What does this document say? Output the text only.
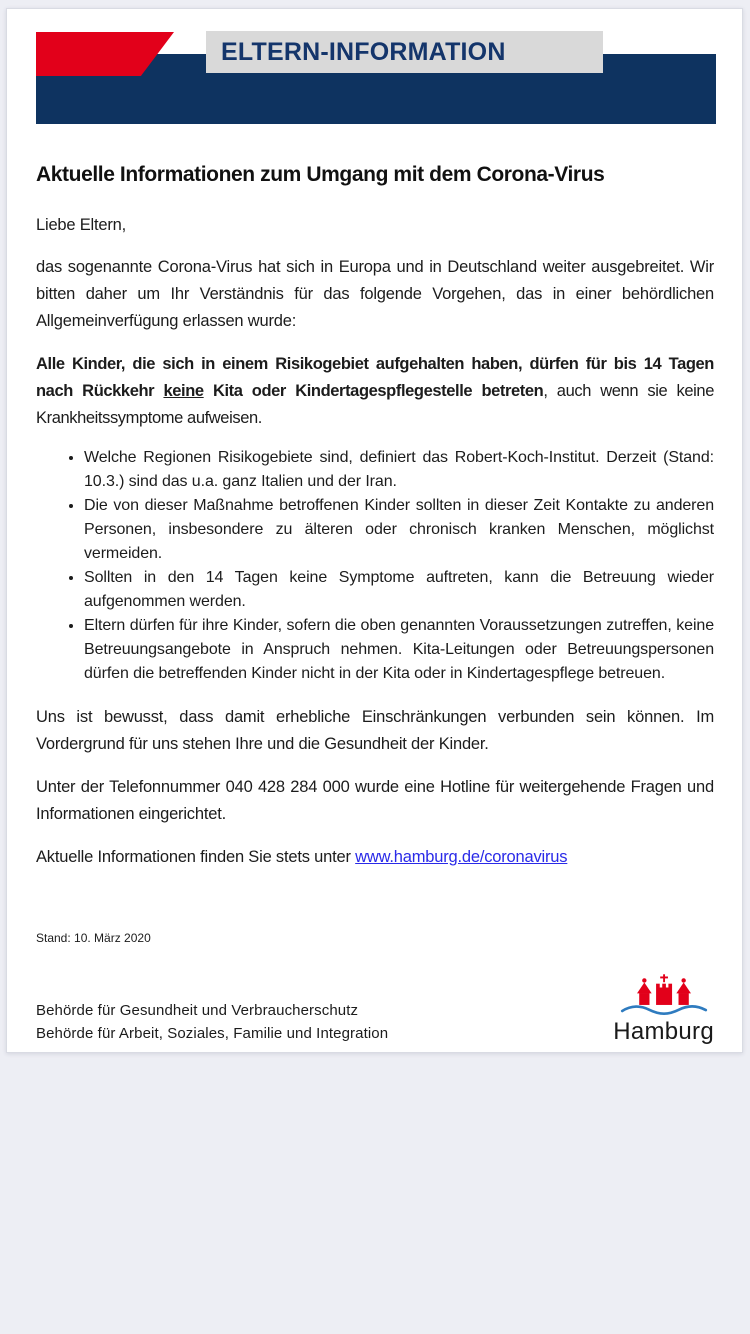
ELTERN-INFORMATION
Aktuelle Informationen zum Umgang mit dem Corona-Virus

Liebe Eltern,

das sogenannte Corona-Virus hat sich in Europa und in Deutschland weiter ausgebreitet. Wir bitten daher um Ihr Verständnis für das folgende Vorgehen, das in einer behördlichen Allgemeinverfügung erlassen wurde:

Alle Kinder, die sich in einem Risikogebiet aufgehalten haben, dürfen für bis 14 Tagen nach Rückkehr keine Kita oder Kindertagespflegestelle betreten, auch wenn sie keine Krankheitssymptome aufweisen.

• Welche Regionen Risikogebiete sind, definiert das Robert-Koch-Institut. Derzeit (Stand: 10.3.) sind das u.a. ganz Italien und der Iran.
• Die von dieser Maßnahme betroffenen Kinder sollten in dieser Zeit Kontakte zu anderen Personen, insbesondere zu älteren oder chronisch kranken Menschen, möglichst vermeiden.
• Sollten in den 14 Tagen keine Symptome auftreten, kann die Betreuung wieder aufgenommen werden.
• Eltern dürfen für ihre Kinder, sofern die oben genannten Voraussetzungen zutreffen, keine Betreuungsangebote in Anspruch nehmen. Kita-Leitungen oder Betreuungspersonen dürfen die betreffenden Kinder nicht in der Kita oder in Kindertagespflege betreuen.

Uns ist bewusst, dass damit erhebliche Einschränkungen verbunden sein können. Im Vordergrund für uns stehen Ihre und die Gesundheit der Kinder.

Unter der Telefonnummer 040 428 284 000 wurde eine Hotline für weitergehende Fragen und Informationen eingerichtet.

Aktuelle Informationen finden Sie stets unter www.hamburg.de/coronavirus

Stand: 10. März 2020
Behörde für Gesundheit und Verbraucherschutz
Behörde für Arbeit, Soziales, Familie und Integration	Hamburg
